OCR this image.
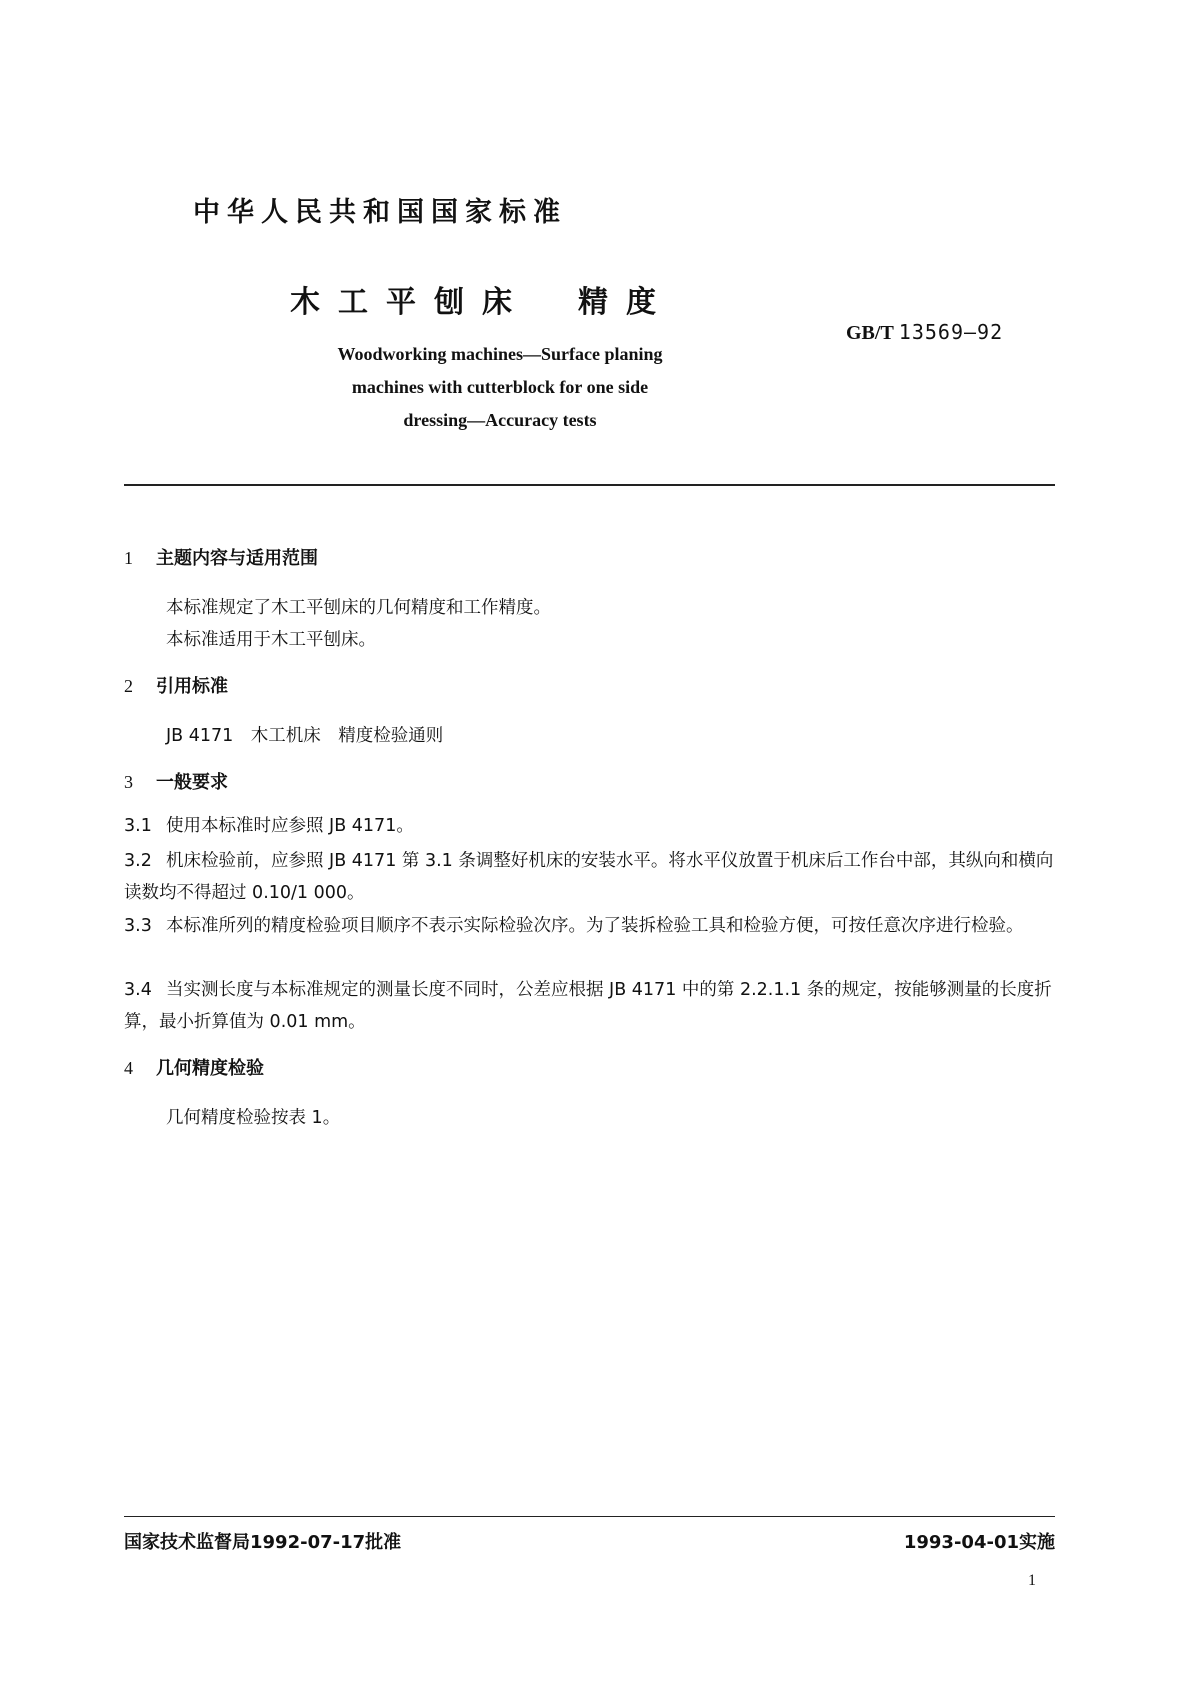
中华人民共和国国家标准
木工平刨床　精度
GB/T 13569—92
Woodworking machines—Surface planing
machines with cutterblock for one side
dressing—Accuracy tests
1 主题内容与适用范围
本标准规定了木工平刨床的几何精度和工作精度。
本标准适用于木工平刨床。
2 引用标准
JB 4171　木工机床　精度检验通则
3 一般要求
3.1 使用本标准时应参照 JB 4171。
3.2 机床检验前，应参照 JB 4171 第 3.1 条调整好机床的安装水平。将水平仪放置于机床后工作台中部，其纵向和横向读数均不得超过 0.10/1 000。
3.3 本标准所列的精度检验项目顺序不表示实际检验次序。为了装拆检验工具和检验方便，可按任意次序进行检验。
3.4 当实测长度与本标准规定的测量长度不同时，公差应根据 JB 4171 中的第 2.2.1.1 条的规定，按能够测量的长度折算，最小折算值为 0.01 mm。
4 几何精度检验
几何精度检验按表 1。
国家技术监督局1992-07-17批准	1993-04-01实施
1
